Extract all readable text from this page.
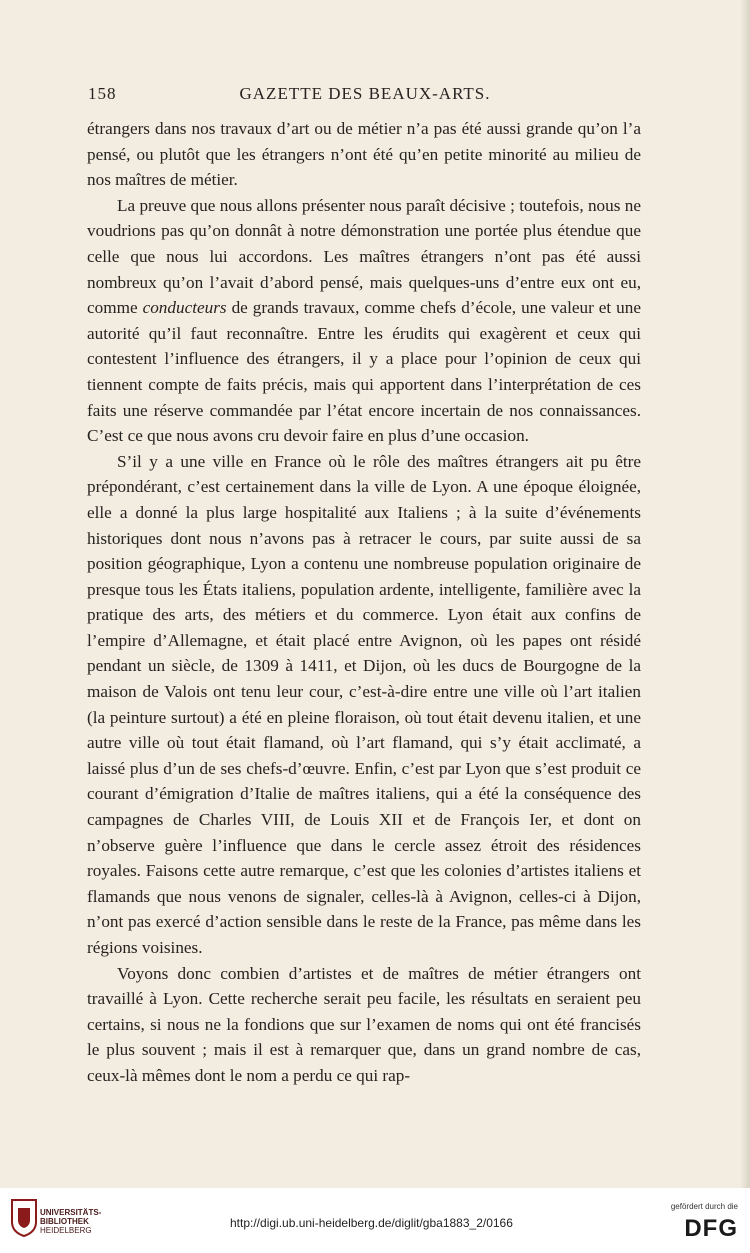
158	GAZETTE DES BEAUX-ARTS.

étrangers dans nos travaux d’art ou de métier n’a pas été aussi grande qu’on l’a pensé, ou plutôt que les étrangers n’ont été qu’en petite minorité au milieu de nos maîtres de métier.

La preuve que nous allons présenter nous paraît décisive ; toutefois, nous ne voudrions pas qu’on donnât à notre démonstration une portée plus étendue que celle que nous lui accordons. Les maîtres étrangers n’ont pas été aussi nombreux qu’on l’avait d’abord pensé, mais quelques-uns d’entre eux ont eu, comme conducteurs de grands travaux, comme chefs d’école, une valeur et une autorité qu’il faut reconnaître. Entre les érudits qui exagèrent et ceux qui contestent l’influence des étrangers, il y a place pour l’opinion de ceux qui tiennent compte de faits précis, mais qui apportent dans l’interprétation de ces faits une réserve commandée par l’état encore incertain de nos connaissances. C’est ce que nous avons cru devoir faire en plus d’une occasion.

S’il y a une ville en France où le rôle des maîtres étrangers ait pu être prépondérant, c’est certainement dans la ville de Lyon. A une époque éloignée, elle a donné la plus large hospitalité aux Italiens ; à la suite d’événements historiques dont nous n’avons pas à retracer le cours, par suite aussi de sa position géographique, Lyon a contenu une nombreuse population originaire de presque tous les États italiens, population ardente, intelligente, familière avec la pratique des arts, des métiers et du commerce. Lyon était aux confins de l’empire d’Allemagne, et était placé entre Avignon, où les papes ont résidé pendant un siècle, de 1309 à 1411, et Dijon, où les ducs de Bourgogne de la maison de Valois ont tenu leur cour, c’est-à-dire entre une ville où l’art italien (la peinture surtout) a été en pleine floraison, où tout était devenu italien, et une autre ville où tout était flamand, où l’art flamand, qui s’y était acclimaté, a laissé plus d’un de ses chefs-d’œuvre. Enfin, c’est par Lyon que s’est produit ce courant d’émigration d’Italie de maîtres italiens, qui a été la conséquence des campagnes de Charles VIII, de Louis XII et de François Ier, et dont on n’observe guère l’influence que dans le cercle assez étroit des résidences royales. Faisons cette autre remarque, c’est que les colonies d’artistes italiens et flamands que nous venons de signaler, celles-là à Avignon, celles-ci à Dijon, n’ont pas exercé d’action sensible dans le reste de la France, pas même dans les régions voisines.

Voyons donc combien d’artistes et de maîtres de métier étrangers ont travaillé à Lyon. Cette recherche serait peu facile, les résultats en seraient peu certains, si nous ne la fondions que sur l’examen de noms qui ont été francisés le plus souvent ; mais il est à remarquer que, dans un grand nombre de cas, ceux-là mêmes dont le nom a perdu ce qui rap-

UNIVERSITÄTS-
BIBLIOTHEK
HEIDELBERG
http://digi.ub.uni-heidelberg.de/diglit/gba1883_2/0166
gefördert durch die
DFG
